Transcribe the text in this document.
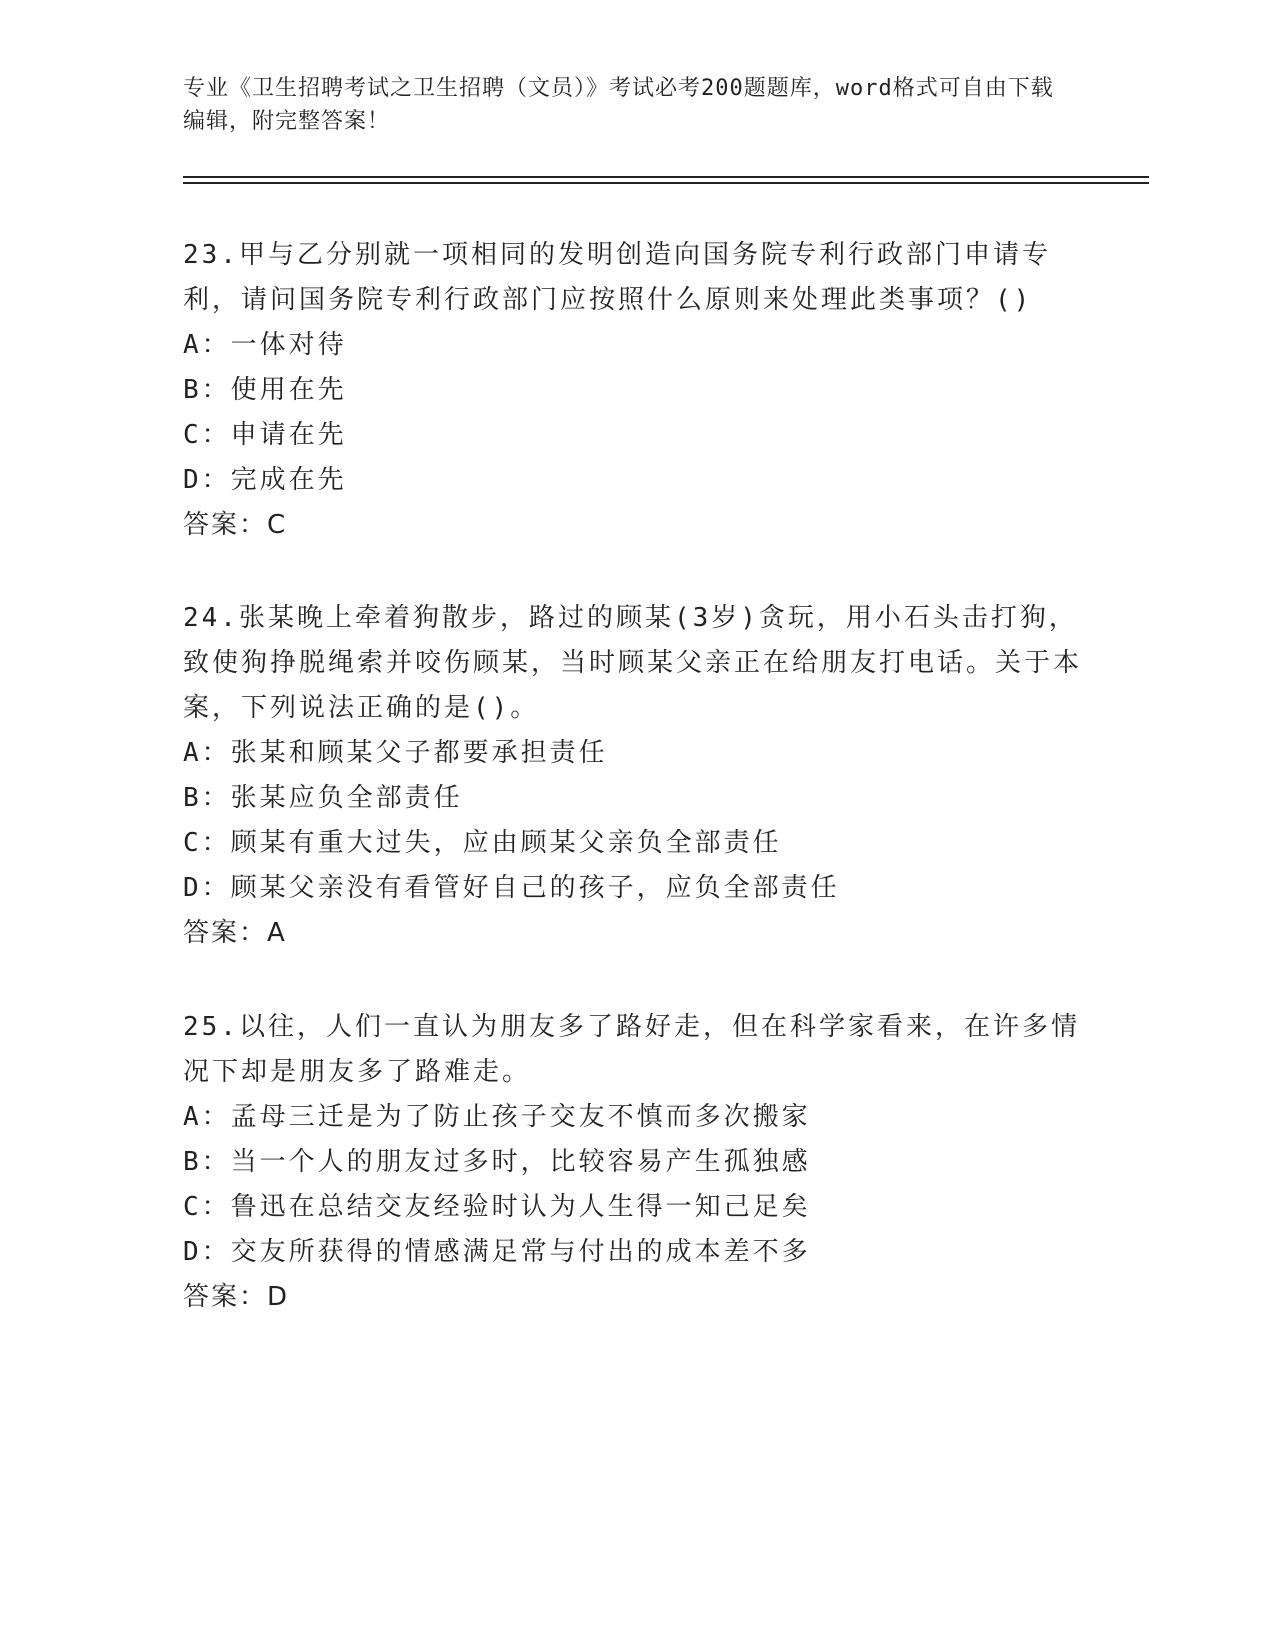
专业《卫生招聘考试之卫生招聘（文员）》考试必考200题题库，word格式可自由下载编辑，附完整答案！

23.甲与乙分别就一项相同的发明创造向国务院专利行政部门申请专利，请问国务院专利行政部门应按照什么原则来处理此类事项？()

A：一体对待

B：使用在先

C：申请在先

D：完成在先

答案：C

24.张某晚上牵着狗散步，路过的顾某(3岁)贪玩，用小石头击打狗，致使狗挣脱绳索并咬伤顾某，当时顾某父亲正在给朋友打电话。关于本案，下列说法正确的是()。

A：张某和顾某父子都要承担责任

B：张某应负全部责任

C：顾某有重大过失，应由顾某父亲负全部责任

D：顾某父亲没有看管好自己的孩子，应负全部责任

答案：A

25.以往，人们一直认为朋友多了路好走，但在科学家看来，在许多情况下却是朋友多了路难走。

A：孟母三迁是为了防止孩子交友不慎而多次搬家

B：当一个人的朋友过多时，比较容易产生孤独感

C：鲁迅在总结交友经验时认为人生得一知己足矣

D：交友所获得的情感满足常与付出的成本差不多

答案：D
